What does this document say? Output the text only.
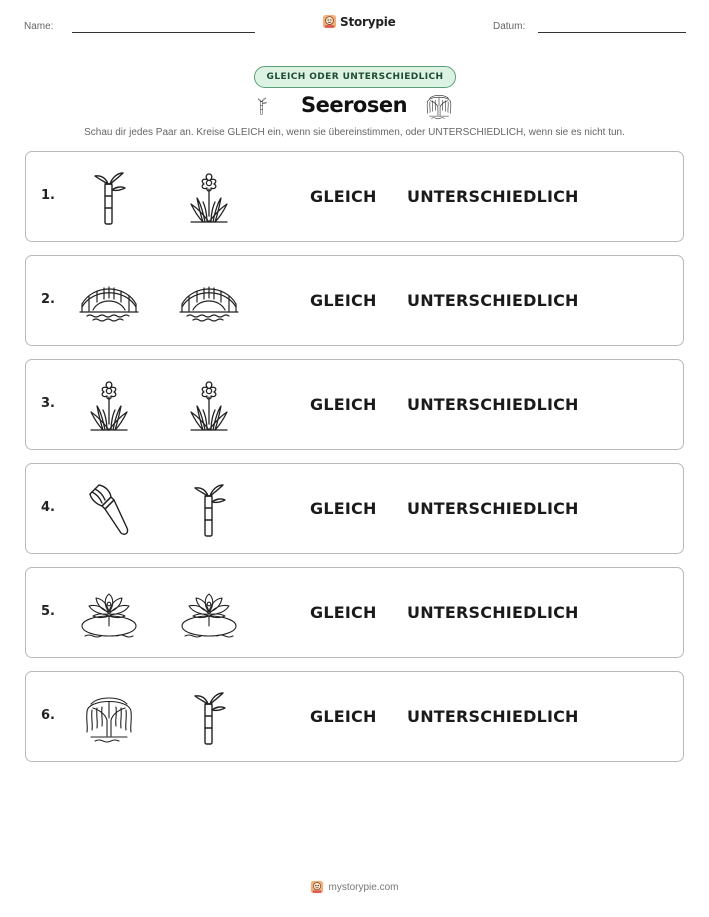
Name:	Storypie	Datum:
GLEICH ODER UNTERSCHIEDLICH
Seerosen
Schau dir jedes Paar an. Kreise GLEICH ein, wenn sie übereinstimmen, oder UNTERSCHIEDLICH, wenn sie es nicht tun.
1.	GLEICH UNTERSCHIEDLICH
2.	GLEICH UNTERSCHIEDLICH
3.	GLEICH UNTERSCHIEDLICH
4.	GLEICH UNTERSCHIEDLICH
5.	GLEICH UNTERSCHIEDLICH
6.	GLEICH UNTERSCHIEDLICH
mystorypie.com
